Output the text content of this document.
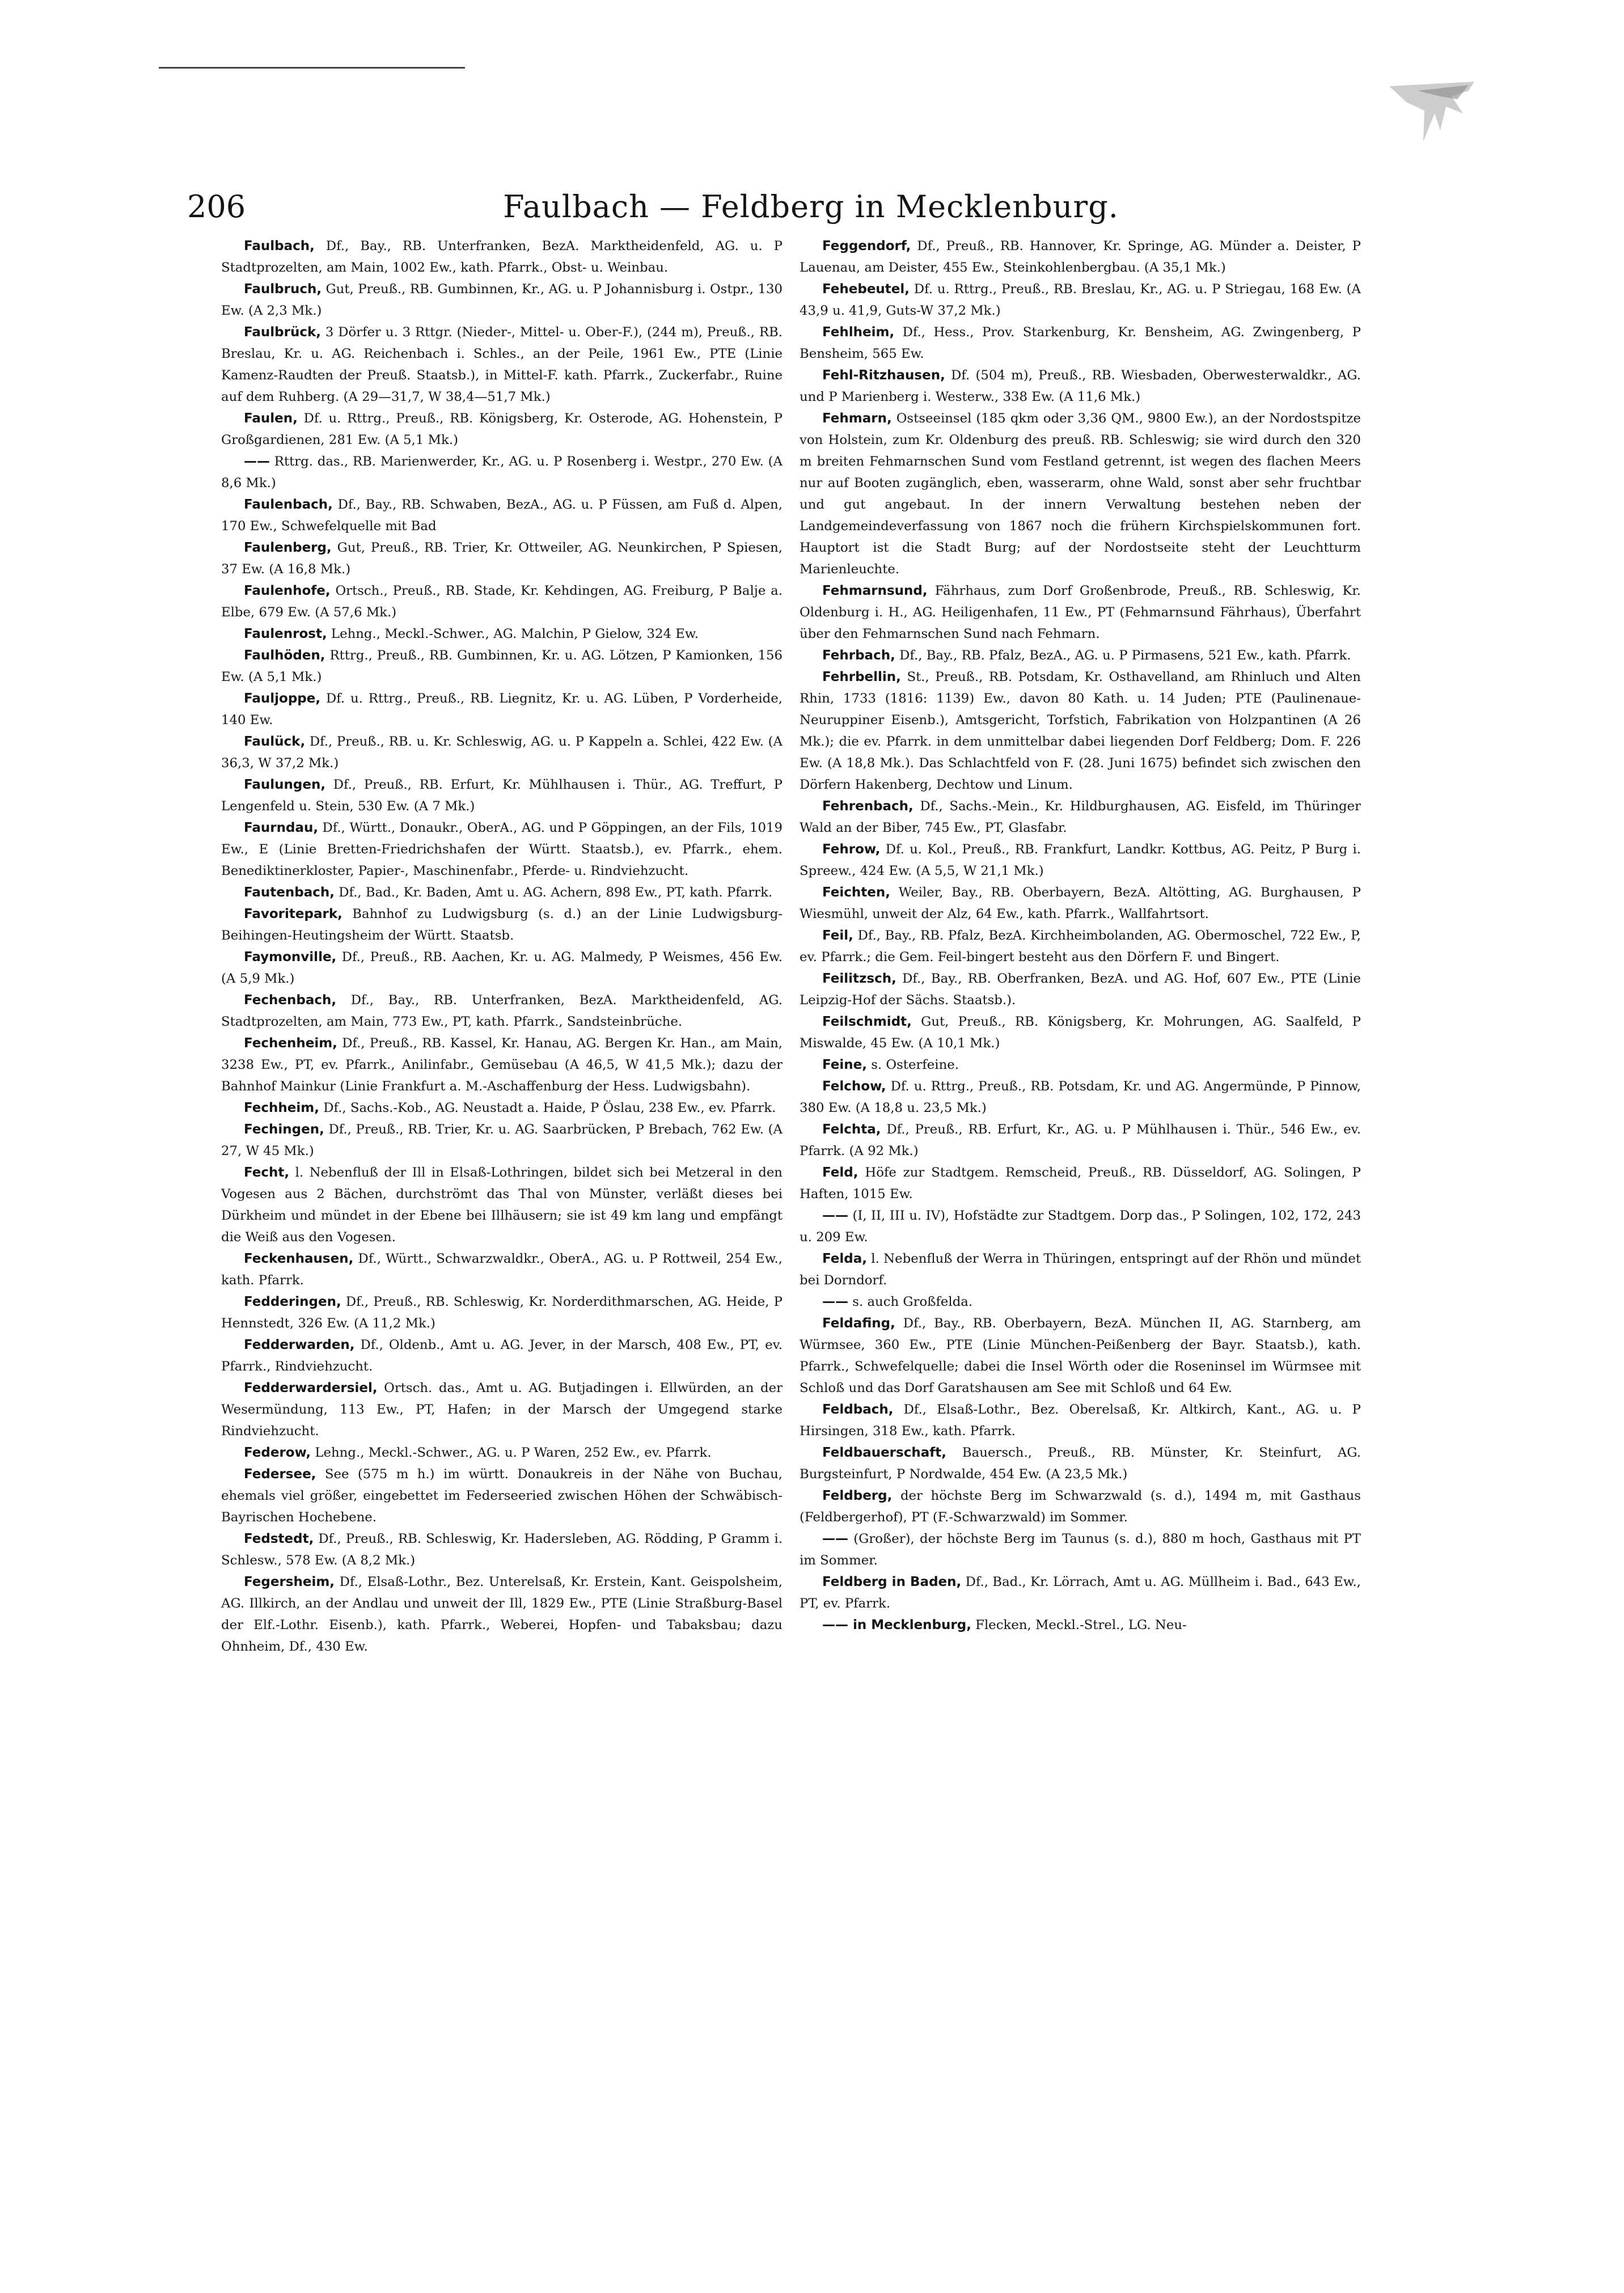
206	Faulbach — Feldberg in Mecklenburg.

Faulbach, Df., Bay., RB. Unterfranken, BezA. Marktheidenfeld, AG. u. P Stadtprozelten, am Main, 1002 Ew., kath. Pfarrk., Obst- u. Weinbau.

Faulbruch, Gut, Preuß., RB. Gumbinnen, Kr., AG. u. P Johannisburg i. Ostpr., 130 Ew. (A 2,3 Mk.)

Faulbrück, 3 Dörfer u. 3 Rttgr. (Nieder-, Mittel- u. Ober-F.), (244 m), Preuß., RB. Breslau, Kr. u. AG. Reichenbach i. Schles., an der Peile, 1961 Ew., PTE (Linie Kamenz-Raudten der Preuß. Staatsb.), in Mittel-F. kath. Pfarrk., Zuckerfabr., Ruine auf dem Ruhberg. (A 29—31,7, W 38,4—51,7 Mk.)

Faulen, Df. u. Rttrg., Preuß., RB. Königsberg, Kr. Osterode, AG. Hohenstein, P Großgardienen, 281 Ew. (A 5,1 Mk.)

—— Rttrg. das., RB. Marienwerder, Kr., AG. u. P Rosenberg i. Westpr., 270 Ew. (A 8,6 Mk.)

Faulenbach, Df., Bay., RB. Schwaben, BezA., AG. u. P Füssen, am Fuß d. Alpen, 170 Ew., Schwefelquelle mit Bad

Faulenberg, Gut, Preuß., RB. Trier, Kr. Ottweiler, AG. Neunkirchen, P Spiesen, 37 Ew. (A 16,8 Mk.)

Faulenhofe, Ortsch., Preuß., RB. Stade, Kr. Kehdingen, AG. Freiburg, P Balje a. Elbe, 679 Ew. (A 57,6 Mk.)

Faulenrost, Lehng., Meckl.-Schwer., AG. Malchin, P Gielow, 324 Ew.

Faulhöden, Rttrg., Preuß., RB. Gumbinnen, Kr. u. AG. Lötzen, P Kamionken, 156 Ew. (A 5,1 Mk.)

Fauljoppe, Df. u. Rttrg., Preuß., RB. Liegnitz, Kr. u. AG. Lüben, P Vorderheide, 140 Ew.

Faulück, Df., Preuß., RB. u. Kr. Schleswig, AG. u. P Kappeln a. Schlei, 422 Ew. (A 36,3, W 37,2 Mk.)

Faulungen, Df., Preuß., RB. Erfurt, Kr. Mühlhausen i. Thür., AG. Treffurt, P Lengenfeld u. Stein, 530 Ew. (A 7 Mk.)

Faurndau, Df., Württ., Donaukr., OberA., AG. und P Göppingen, an der Fils, 1019 Ew., E (Linie Bretten-Friedrichshafen der Württ. Staatsb.), ev. Pfarrk., ehem. Benediktinerkloster, Papier-, Maschinenfabr., Pferde- u. Rindviehzucht.

Fautenbach, Df., Bad., Kr. Baden, Amt u. AG. Achern, 898 Ew., PT, kath. Pfarrk.

Favoritepark, Bahnhof zu Ludwigsburg (s. d.) an der Linie Ludwigsburg-Beihingen-Heutingsheim der Württ. Staatsb.

Faymonville, Df., Preuß., RB. Aachen, Kr. u. AG. Malmedy, P Weismes, 456 Ew. (A 5,9 Mk.)

Fechenbach, Df., Bay., RB. Unterfranken, BezA. Marktheidenfeld, AG. Stadtprozelten, am Main, 773 Ew., PT, kath. Pfarrk., Sandsteinbrüche.

Fechenheim, Df., Preuß., RB. Kassel, Kr. Hanau, AG. Bergen Kr. Han., am Main, 3238 Ew., PT, ev. Pfarrk., Anilinfabr., Gemüsebau (A 46,5, W 41,5 Mk.); dazu der Bahnhof Mainkur (Linie Frankfurt a. M.-Aschaffenburg der Hess. Ludwigsbahn).

Fechheim, Df., Sachs.-Kob., AG. Neustadt a. Haide, P Öslau, 238 Ew., ev. Pfarrk.

Fechingen, Df., Preuß., RB. Trier, Kr. u. AG. Saarbrücken, P Brebach, 762 Ew. (A 27, W 45 Mk.)

Fecht, l. Nebenfluß der Ill in Elsaß-Lothringen, bildet sich bei Metzeral in den Vogesen aus 2 Bächen, durchströmt das Thal von Münster, verläßt dieses bei Dürkheim und mündet in der Ebene bei Illhäusern; sie ist 49 km lang und empfängt die Weiß aus den Vogesen.

Feckenhausen, Df., Württ., Schwarzwaldkr., OberA., AG. u. P Rottweil, 254 Ew., kath. Pfarrk.

Fedderingen, Df., Preuß., RB. Schleswig, Kr. Norderdithmarschen, AG. Heide, P Hennstedt, 326 Ew. (A 11,2 Mk.)

Fedderwarden, Df., Oldenb., Amt u. AG. Jever, in der Marsch, 408 Ew., PT, ev. Pfarrk., Rindviehzucht.

Fedderwardersiel, Ortsch. das., Amt u. AG. Butjadingen i. Ellwürden, an der Wesermündung, 113 Ew., PT, Hafen; in der Marsch der Umgegend starke Rindviehzucht.

Federow, Lehng., Meckl.-Schwer., AG. u. P Waren, 252 Ew., ev. Pfarrk.

Federsee, See (575 m h.) im württ. Donaukreis in der Nähe von Buchau, ehemals viel größer, eingebettet im Federseeried zwischen Höhen der Schwäbisch-Bayrischen Hochebene.

Fedstedt, Df., Preuß., RB. Schleswig, Kr. Hadersleben, AG. Rödding, P Gramm i. Schlesw., 578 Ew. (A 8,2 Mk.)

Fegersheim, Df., Elsaß-Lothr., Bez. Unterelsaß, Kr. Erstein, Kant. Geispolsheim, AG. Illkirch, an der Andlau und unweit der Ill, 1829 Ew., PTE (Linie Straßburg-Basel der Elf.-Lothr. Eisenb.), kath. Pfarrk., Weberei, Hopfen- und Tabaksbau; dazu Ohnheim, Df., 430 Ew.

Feggendorf, Df., Preuß., RB. Hannover, Kr. Springe, AG. Münder a. Deister, P Lauenau, am Deister, 455 Ew., Steinkohlenbergbau. (A 35,1 Mk.)

Fehebeutel, Df. u. Rttrg., Preuß., RB. Breslau, Kr., AG. u. P Striegau, 168 Ew. (A 43,9 u. 41,9, Guts-W 37,2 Mk.)

Fehlheim, Df., Hess., Prov. Starkenburg, Kr. Bensheim, AG. Zwingenberg, P Bensheim, 565 Ew.

Fehl-Ritzhausen, Df. (504 m), Preuß., RB. Wiesbaden, Oberwesterwaldkr., AG. und P Marienberg i. Westerw., 338 Ew. (A 11,6 Mk.)

Fehmarn, Ostseeinsel (185 qkm oder 3,36 QM., 9800 Ew.), an der Nordostspitze von Holstein, zum Kr. Oldenburg des preuß. RB. Schleswig; sie wird durch den 320 m breiten Fehmarnschen Sund vom Festland getrennt, ist wegen des flachen Meers nur auf Booten zugänglich, eben, wasserarm, ohne Wald, sonst aber sehr fruchtbar und gut angebaut. In der innern Verwaltung bestehen neben der Landgemeindeverfassung von 1867 noch die frühern Kirchspielskommunen fort. Hauptort ist die Stadt Burg; auf der Nordostseite steht der Leuchtturm Marienleuchte.

Fehmarnsund, Fährhaus, zum Dorf Großenbrode, Preuß., RB. Schleswig, Kr. Oldenburg i. H., AG. Heiligenhafen, 11 Ew., PT (Fehmarnsund Fährhaus), Überfahrt über den Fehmarnschen Sund nach Fehmarn.

Fehrbach, Df., Bay., RB. Pfalz, BezA., AG. u. P Pirmasens, 521 Ew., kath. Pfarrk.

Fehrbellin, St., Preuß., RB. Potsdam, Kr. Osthavelland, am Rhinluch und Alten Rhin, 1733 (1816: 1139) Ew., davon 80 Kath. u. 14 Juden; PTE (Paulinenaue-Neuruppiner Eisenb.), Amtsgericht, Torfstich, Fabrikation von Holzpantinen (A 26 Mk.); die ev. Pfarrk. in dem unmittelbar dabei liegenden Dorf Feldberg; Dom. F. 226 Ew. (A 18,8 Mk.). Das Schlachtfeld von F. (28. Juni 1675) befindet sich zwischen den Dörfern Hakenberg, Dechtow und Linum.

Fehrenbach, Df., Sachs.-Mein., Kr. Hildburghausen, AG. Eisfeld, im Thüringer Wald an der Biber, 745 Ew., PT, Glasfabr.

Fehrow, Df. u. Kol., Preuß., RB. Frankfurt, Landkr. Kottbus, AG. Peitz, P Burg i. Spreew., 424 Ew. (A 5,5, W 21,1 Mk.)

Feichten, Weiler, Bay., RB. Oberbayern, BezA. Altötting, AG. Burghausen, P Wiesmühl, unweit der Alz, 64 Ew., kath. Pfarrk., Wallfahrtsort.

Feil, Df., Bay., RB. Pfalz, BezA. Kirchheimbolanden, AG. Obermoschel, 722 Ew., P, ev. Pfarrk.; die Gem. Feil-bingert besteht aus den Dörfern F. und Bingert.

Feilitzsch, Df., Bay., RB. Oberfranken, BezA. und AG. Hof, 607 Ew., PTE (Linie Leipzig-Hof der Sächs. Staatsb.).

Feilschmidt, Gut, Preuß., RB. Königsberg, Kr. Mohrungen, AG. Saalfeld, P Miswalde, 45 Ew. (A 10,1 Mk.)

Feine, s. Osterfeine.

Felchow, Df. u. Rttrg., Preuß., RB. Potsdam, Kr. und AG. Angermünde, P Pinnow, 380 Ew. (A 18,8 u. 23,5 Mk.)

Felchta, Df., Preuß., RB. Erfurt, Kr., AG. u. P Mühlhausen i. Thür., 546 Ew., ev. Pfarrk. (A 92 Mk.)

Feld, Höfe zur Stadtgem. Remscheid, Preuß., RB. Düsseldorf, AG. Solingen, P Haften, 1015 Ew.

—— (I, II, III u. IV), Hofstädte zur Stadtgem. Dorp das., P Solingen, 102, 172, 243 u. 209 Ew.

Felda, l. Nebenfluß der Werra in Thüringen, entspringt auf der Rhön und mündet bei Dorndorf.

—— s. auch Großfelda.

Feldafing, Df., Bay., RB. Oberbayern, BezA. München II, AG. Starnberg, am Würmsee, 360 Ew., PTE (Linie München-Peißenberg der Bayr. Staatsb.), kath. Pfarrk., Schwefelquelle; dabei die Insel Wörth oder die Roseninsel im Würmsee mit Schloß und das Dorf Garatshausen am See mit Schloß und 64 Ew.

Feldbach, Df., Elsaß-Lothr., Bez. Oberelsaß, Kr. Altkirch, Kant., AG. u. P Hirsingen, 318 Ew., kath. Pfarrk.

Feldbauerschaft, Bauersch., Preuß., RB. Münster, Kr. Steinfurt, AG. Burgsteinfurt, P Nordwalde, 454 Ew. (A 23,5 Mk.)

Feldberg, der höchste Berg im Schwarzwald (s. d.), 1494 m, mit Gasthaus (Feldbergerhof), PT (F.-Schwarzwald) im Sommer.

—— (Großer), der höchste Berg im Taunus (s. d.), 880 m hoch, Gasthaus mit PT im Sommer.

Feldberg in Baden, Df., Bad., Kr. Lörrach, Amt u. AG. Müllheim i. Bad., 643 Ew., PT, ev. Pfarrk.

—— in Mecklenburg, Flecken, Meckl.-Strel., LG. Neu-
